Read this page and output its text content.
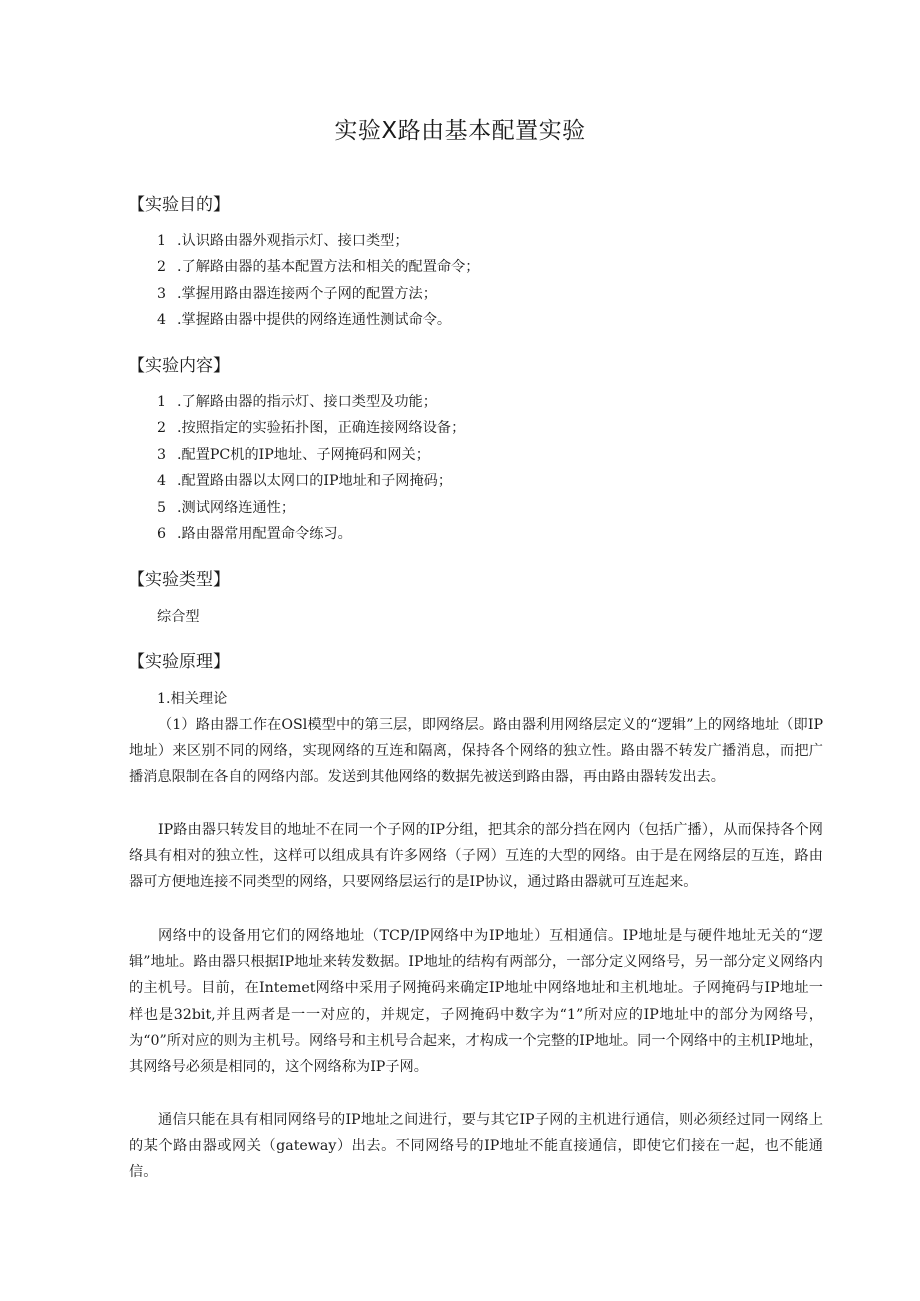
实验Ⅹ路由基本配置实验
【实验目的】

1 .认识路由器外观指示灯、接口类型；

2 .了解路由器的基本配置方法和相关的配置命令；

3 .掌握用路由器连接两个子网的配置方法；

4 .掌握路由器中提供的网络连通性测试命令。

【实验内容】

1 .了解路由器的指示灯、接口类型及功能；

2 .按照指定的实验拓扑图，正确连接网络设备；

3 .配置PC机的IP地址、子网掩码和网关；

4 .配置路由器以太网口的IP地址和子网掩码；

5 .测试网络连通性；

6 .路由器常用配置命令练习。

【实验类型】

综合型

【实验原理】

1.相关理论

（1）路由器工作在OSl模型中的第三层，即网络层。路由器利用网络层定义的“逻辑”上的网络地址（即IP地址）来区别不同的网络，实现网络的互连和隔离，保持各个网络的独立性。路由器不转发广播消息，而把广播消息限制在各自的网络内部。发送到其他网络的数据先被送到路由器，再由路由器转发出去。

IP路由器只转发目的地址不在同一个子网的IP分组，把其余的部分挡在网内（包括广播），从而保持各个网络具有相对的独立性，这样可以组成具有许多网络（子网）互连的大型的网络。由于是在网络层的互连，路由器可方便地连接不同类型的网络，只要网络层运行的是IP协议，通过路由器就可互连起来。

网络中的设备用它们的网络地址（TCP/IP网络中为IP地址）互相通信。IP地址是与硬件地址无关的“逻辑”地址。路由器只根据IP地址来转发数据。IP地址的结构有两部分，一部分定义网络号，另一部分定义网络内的主机号。目前，在Intemet网络中采用子网掩码来确定IP地址中网络地址和主机地址。子网掩码与IP地址一样也是32bit,并且两者是一一对应的，并规定，子网掩码中数字为“1”所对应的IP地址中的部分为网络号，为“0”所对应的则为主机号。网络号和主机号合起来，才构成一个完整的IP地址。同一个网络中的主机IP地址，其网络号必须是相同的，这个网络称为IP子网。

通信只能在具有相同网络号的IP地址之间进行，要与其它IP子网的主机进行通信，则必须经过同一网络上的某个路由器或网关（gateway）出去。不同网络号的IP地址不能直接通信，即使它们接在一起，也不能通信。
